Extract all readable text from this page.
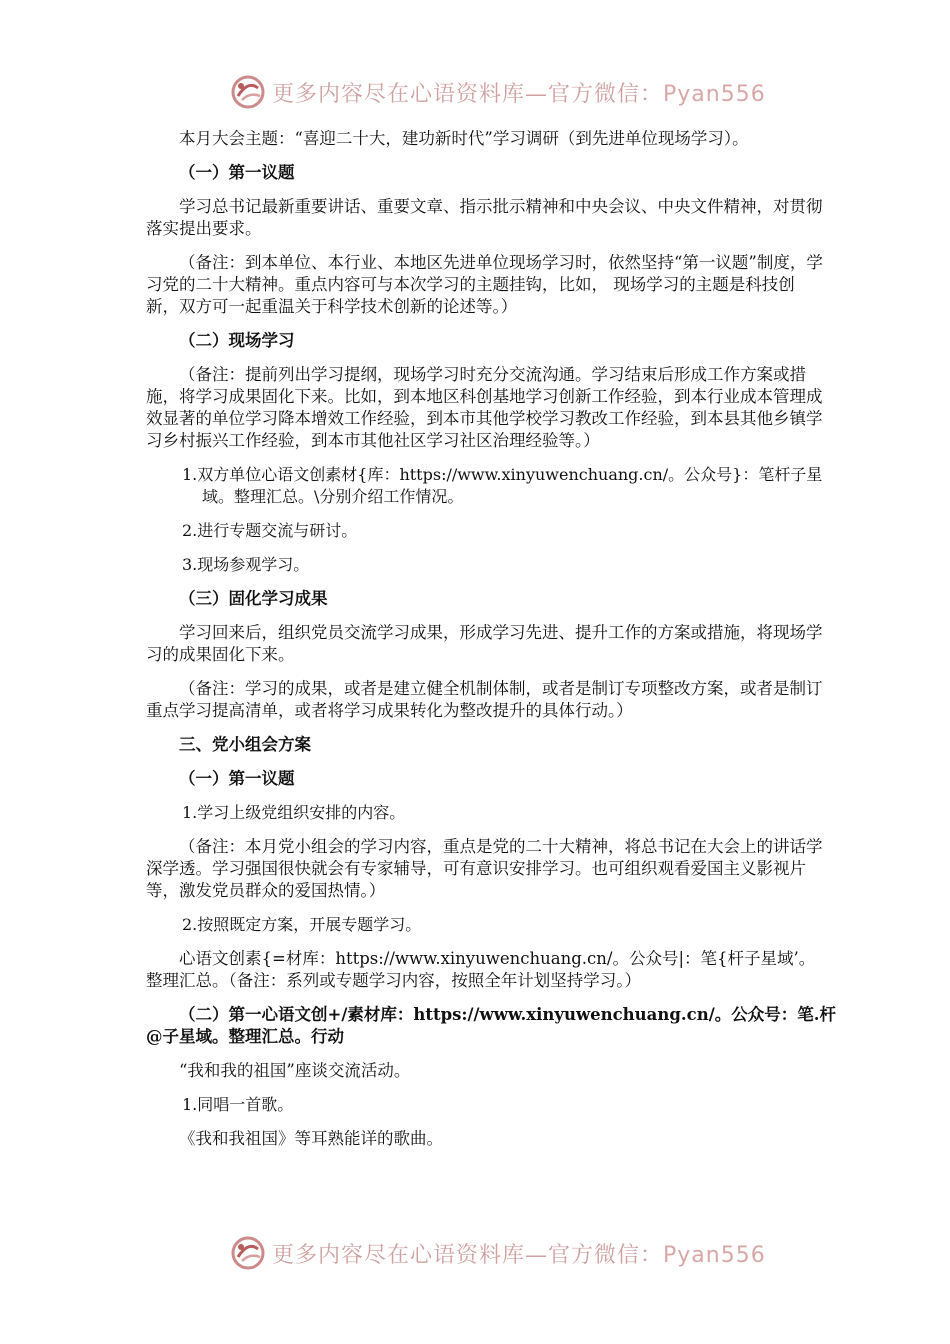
更多内容尽在心语资料库—官方微信：Pyan556

本月大会主题：“喜迎二十大，建功新时代”学习调研（到先进单位现场学习）。

（一）第一议题

学习总书记最新重要讲话、重要文章、指示批示精神和中央会议、中央文件精神，对贯彻落实提出要求。

（备注：到本单位、本行业、本地区先进单位现场学习时，依然坚持“第一议题”制度，学习党的二十大精神。重点内容可与本次学习的主题挂钩，比如， 现场学习的主题是科技创新，双方可一起重温关于科学技术创新的论述等。）

（二）现场学习

（备注：提前列出学习提纲，现场学习时充分交流沟通。学习结束后形成工作方案或措施，将学习成果固化下来。比如，到本地区科创基地学习创新工作经验，到本行业成本管理成效显著的单位学习降本增效工作经验，到本市其他学校学习教改工作经验，到本县其他乡镇学习乡村振兴工作经验，到本市其他社区学习社区治理经验等。）

1.双方单位心语文创素材{库：https://www.xinyuwenchuang.cn/。公众号}：笔杆子星域。整理汇总。\分别介绍工作情况。

2.进行专题交流与研讨。

3.现场参观学习。

（三）固化学习成果

学习回来后，组织党员交流学习成果，形成学习先进、提升工作的方案或措施，将现场学习的成果固化下来。

（备注：学习的成果，或者是建立健全机制体制，或者是制订专项整改方案，或者是制订重点学习提高清单，或者将学习成果转化为整改提升的具体行动。）

三、党小组会方案

（一）第一议题

1.学习上级党组织安排的内容。

（备注：本月党小组会的学习内容，重点是党的二十大精神，将总书记在大会上的讲话学深学透。学习强国很快就会有专家辅导，可有意识安排学习。也可组织观看爱国主义影视片等，激发党员群众的爱国热情。）

2.按照既定方案，开展专题学习。

心语文创素{=材库：https://www.xinyuwenchuang.cn/。公众号|：笔{杆子星域’。整理汇总。（备注：系列或专题学习内容，按照全年计划坚持学习。）

（二）第一心语文创+/素材库：https://www.xinyuwenchuang.cn/。公众号：笔.杆@子星域。整理汇总。行动

“我和我的祖国”座谈交流活动。

1.同唱一首歌。

《我和我祖国》等耳熟能详的歌曲。

更多内容尽在心语资料库—官方微信：Pyan556
